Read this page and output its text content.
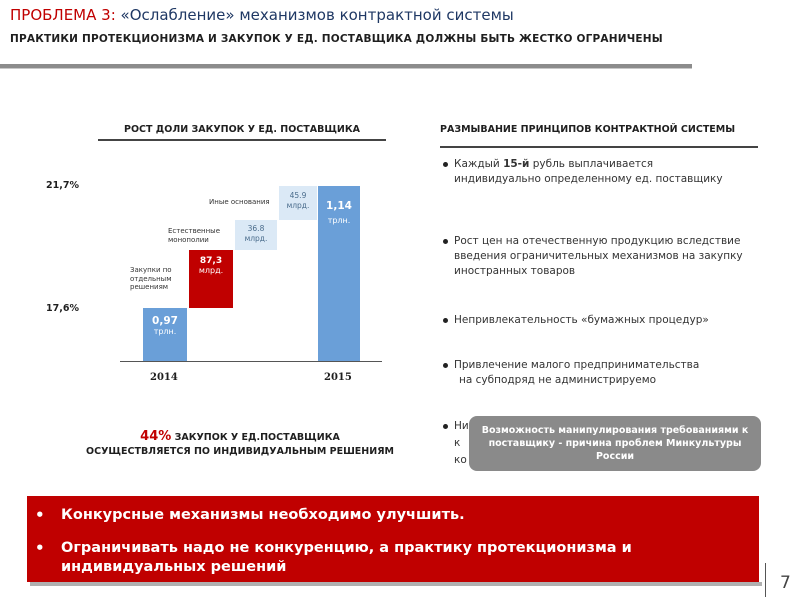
ПРОБЛЕМА 3: «Ослабление» механизмов контрактной системы
ПРАКТИКИ ПРОТЕКЦИОНИЗМА И ЗАКУПОК У ЕД. ПОСТАВЩИКА ДОЛЖНЫ БЫТЬ ЖЕСТКО ОГРАНИЧЕНЫ
РОСТ ДОЛИ ЗАКУПОК У ЕД. ПОСТАВЩИКА
21,7%
17,6%
0,97
трлн.
Закупки по отдельным решениям
Естественные монополии
Иные основания
87,3
млрд.
36.8
млрд.
45.9
млрд.	1,14
трлн.
2014	2015
44% ЗАКУПОК У ЕД.ПОСТАВЩИКА
ОСУЩЕСТВЛЯЕТСЯ ПО ИНДИВИДУАЛЬНЫМ РЕШЕНИЯМ
РАЗМЫВАНИЕ ПРИНЦИПОВ КОНТРАКТНОЙ СИСТЕМЫ
Каждый 15-й рубль выплачивается индивидуально определенному ед. поставщику
Рост цен на отечественную продукцию вследствие введения ограничительных механизмов на закупку иностранных товаров
Непривлекательность «бумажных процедур»
Привлечение малого предпринимательства
на субподряд не администрируемо
Ни
к
ко
Возможность манипулирования требованиями к поставщику - причина проблем Минкультуры России
• Конкурсные механизмы необходимо улучшить.
• Ограничивать надо не конкуренцию, а практику протекционизма и индивидуальных решений
7
